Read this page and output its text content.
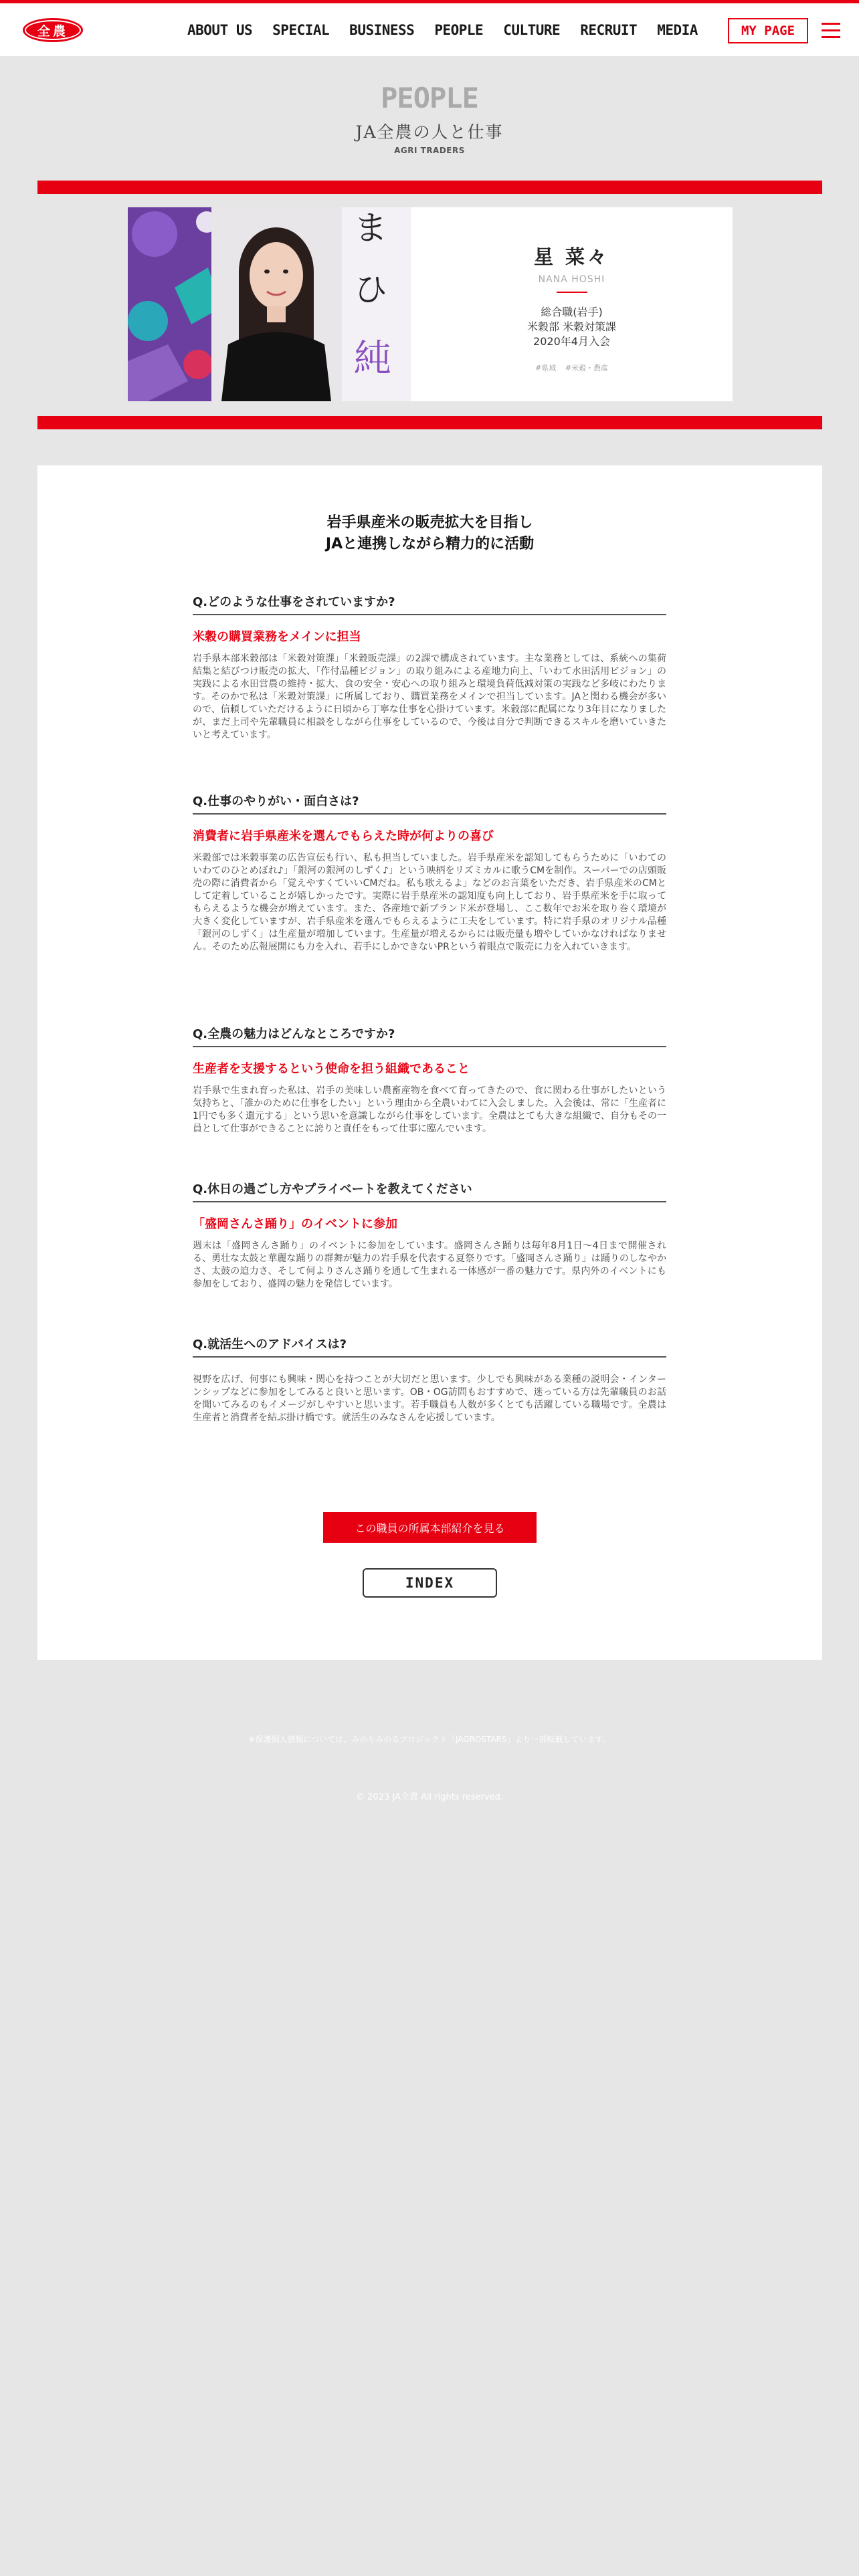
全農	ABOUT US SPECIAL BUSINESS PEOPLE CULTURE RECRUIT MEDIA	MY PAGE
PEOPLE
JA全農の人と仕事
AGRI TRADERS
ま
ひ
純
星 菜々
NANA HOSHI
総合職(岩手)
米穀部 米穀対策課
2020年4月入会
#県域 #米穀・農産
岩手県産米の販売拡大を目指し
JAと連携しながら精力的に活動
Q.どのような仕事をされていますか?
米穀の購買業務をメインに担当

岩手県本部米穀部は「米穀対策課」「米穀販売課」の2課で構成されています。主な業務としては、系統への集荷結集と結びつけ販売の拡大、「作付品種ビジョン」の取り組みによる産地力向上、「いわて水田活用ビジョン」の実践による水田営農の維持・拡大、食の安全・安心への取り組みと環境負荷低減対策の実践など多岐にわたります。そのかで私は「米穀対策課」に所属しており、購買業務をメインで担当しています。JAと関わる機会が多いので、信頼していただけるように日頃から丁寧な仕事を心掛けています。米穀部に配属になり3年目になりましたが、まだ上司や先輩職員に相談をしながら仕事をしているので、今後は自分で判断できるスキルを磨いていきたいと考えています。

Q.仕事のやりがい・面白さは?
消費者に岩手県産米を選んでもらえた時が何よりの喜び

米穀部では米穀事業の広告宣伝も行い、私も担当していました。岩手県産米を認知してもらうために「いわてのいわてのひとめぼれ♪」「銀河の銀河のしずく♪」という映柄をリズミカルに歌うCMを制作。スーパーでの店頭販売の際に消費者から「覚えやすくていいCMだね。私も歌えるよ」などのお言葉をいただき、岩手県産米のCMとして定着していることが嬉しかったです。実際に岩手県産米の認知度も向上しており、岩手県産米を手に取ってもらえるような機会が増えています。また、各産地で新ブランド米が登場し、ここ数年でお米を取り巻く環境が大きく変化していますが、岩手県産米を選んでもらえるように工夫をしています。特に岩手県のオリジナル品種「銀河のしずく」は生産量が増加しています。生産量が増えるからには販売量も増やしていかなければなりません。そのため広報展開にも力を入れ、若手にしかできないPRという着眼点で販売に力を入れていきます。

Q.全農の魅力はどんなところですか?
生産者を支援するという使命を担う組織であること

岩手県で生まれ育った私は、岩手の美味しい農畜産物を食べて育ってきたので、食に関わる仕事がしたいという気持ちと、「誰かのために仕事をしたい」という理由から全農いわてに入会しました。入会後は、常に「生産者に1円でも多く還元する」という思いを意識しながら仕事をしています。全農はとても大きな組織で、自分もその一員として仕事ができることに誇りと責任をもって仕事に臨んでいます。

Q.休日の過ごし方やプライベートを教えてください
「盛岡さんさ踊り」のイベントに参加

週末は「盛岡さんさ踊り」のイベントに参加をしています。盛岡さんさ踊りは毎年8月1日〜4日まで開催される、勇壮な太鼓と華麗な踊りの群舞が魅力の岩手県を代表する夏祭りです。「盛岡さんさ踊り」は踊りのしなやかさ、太鼓の迫力さ、そして何よりさんさ踊りを通して生まれる一体感が一番の魅力です。県内外のイベントにも参加をしており、盛岡の魅力を発信しています。

Q.就活生へのアドバイスは?

視野を広げ、何事にも興味・関心を持つことが大切だと思います。少しでも興味がある業種の説明会・インターンシップなどに参加をしてみると良いと思います。OB・OG訪問もおすすめで、迷っている方は先輩職員のお話を聞いてみるのもイメージがしやすいと思います。若手職員も人数が多くとても活躍している職場です。全農は生産者と消費者を結ぶ掛け橋です。就活生のみなさんを応援しています。

この職員の所属本部紹介を見る
INDEX
※保護個人情報については、みのりみのるプロジェクト「JAGROSTARS」より一部転載しています。
© 2023 JA全農 All rights reserved.
